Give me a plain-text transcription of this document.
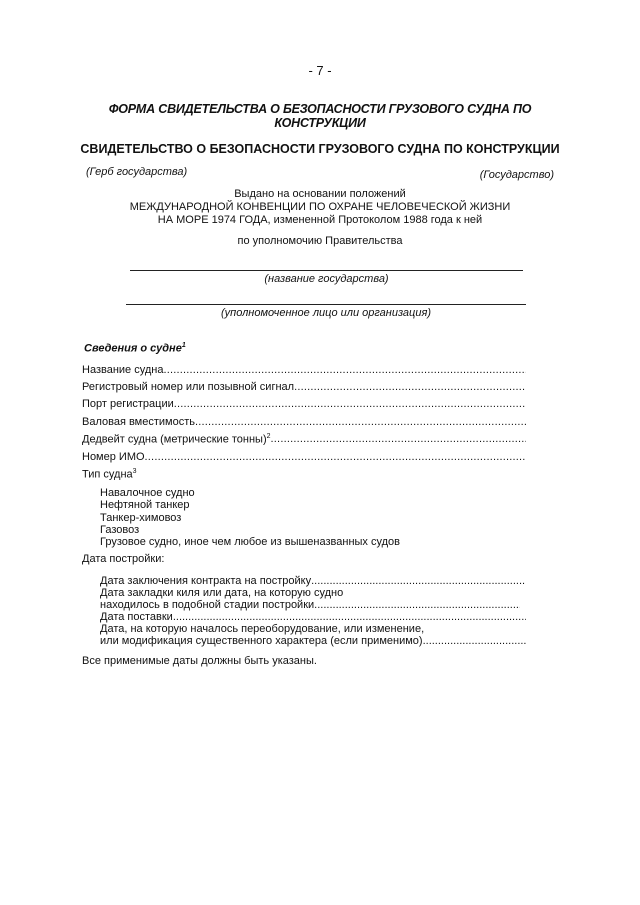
- 7 -
ФОРМА СВИДЕТЕЛЬСТВА О БЕЗОПАСНОСТИ ГРУЗОВОГО СУДНА ПО КОНСТРУКЦИИ
СВИДЕТЕЛЬСТВО О БЕЗОПАСНОСТИ ГРУЗОВОГО СУДНА ПО КОНСТРУКЦИИ
(Герб государства)	(Государство)
Выдано на основании положений
МЕЖДУНАРОДНОЙ КОНВЕНЦИИ ПО ОХРАНЕ ЧЕЛОВЕЧЕСКОЙ ЖИЗНИ
НА МОРЕ 1974 ГОДА, измененной Протоколом 1988 года к ней
по уполномочию Правительства
(название государства)
(уполномоченное лицо или организация)
Сведения о судне$^1$
Название судна
.....
Регистровый номер или позывной сигнал
.....
Порт регистрации
.....
Валовая вместимость
.....
Дедвейт судна (метрические тонны)$^2$
.....
Номер ИМО
.....
Тип судна$^3$
Навалочное судно
Нефтяной танкер
Танкер-химовоз
Газовоз
Грузовое судно, иное чем любое из вышеназванных судов
Дата постройки:
Дата заключения контракта на постройку
.....
Дата закладки киля или дата, на которую судно
находилось в подобной стадии постройки
.....
Дата поставки
.....
Дата, на которую началось переоборудование, или изменение,
или модификация существенного характера (если применимо)
.....
Все применимые даты должны быть указаны.
